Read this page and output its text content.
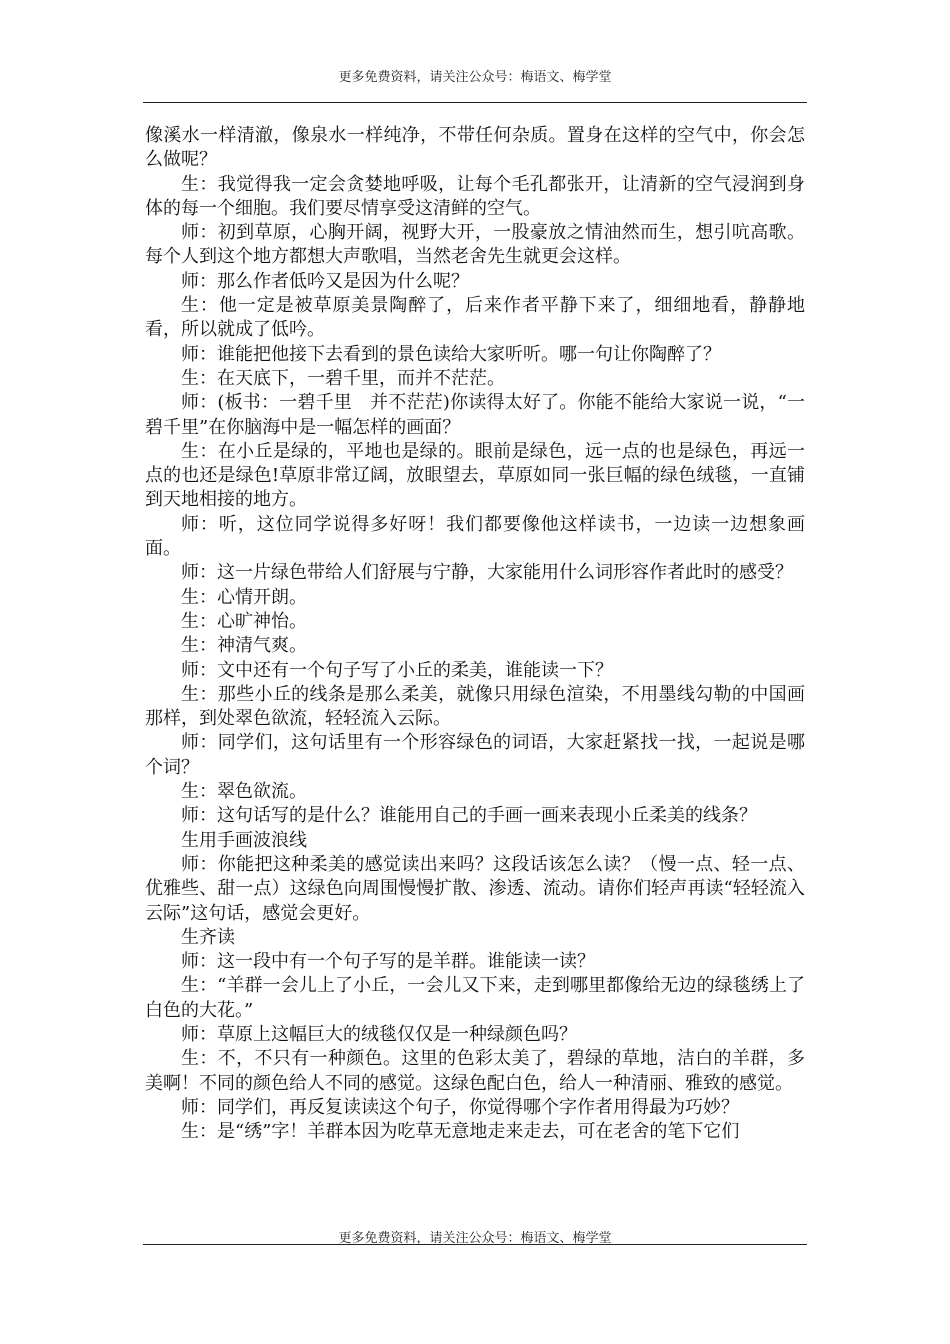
更多免费资料，请关注公众号：梅语文、梅学堂

像溪水一样清澈，像泉水一样纯净，不带任何杂质。置身在这样的空气中，你会怎么做呢？

生：我觉得我一定会贪婪地呼吸，让每个毛孔都张开，让清新的空气浸润到身体的每一个细胞。我们要尽情享受这清鲜的空气。

师：初到草原，心胸开阔，视野大开，一股豪放之情油然而生，想引吭高歌。每个人到这个地方都想大声歌唱，当然老舍先生就更会这样。

师：那么作者低吟又是因为什么呢？

生：他一定是被草原美景陶醉了，后来作者平静下来了，细细地看，静静地看，所以就成了低吟。

师：谁能把他接下去看到的景色读给大家听听。哪一句让你陶醉了？

生：在天底下，一碧千里，而并不茫茫。

师：(板书：一碧千里　并不茫茫)你读得太好了。你能不能给大家说一说，“一碧千里”在你脑海中是一幅怎样的画面？

生：在小丘是绿的，平地也是绿的。眼前是绿色，远一点的也是绿色，再远一点的也还是绿色!草原非常辽阔，放眼望去，草原如同一张巨幅的绿色绒毯，一直铺到天地相接的地方。

师：听，这位同学说得多好呀！我们都要像他这样读书，一边读一边想象画面。

师：这一片绿色带给人们舒展与宁静，大家能用什么词形容作者此时的感受？

生：心情开朗。

生：心旷神怡。

生：神清气爽。

师：文中还有一个句子写了小丘的柔美，谁能读一下？

生：那些小丘的线条是那么柔美，就像只用绿色渲染，不用墨线勾勒的中国画那样，到处翠色欲流，轻轻流入云际。

师：同学们，这句话里有一个形容绿色的词语，大家赶紧找一找，一起说是哪个词？

生：翠色欲流。

师：这句话写的是什么？谁能用自己的手画一画来表现小丘柔美的线条？

生用手画波浪线

师：你能把这种柔美的感觉读出来吗？这段话该怎么读？（慢一点、轻一点、优雅些、甜一点）这绿色向周围慢慢扩散、渗透、流动。请你们轻声再读“轻轻流入云际”这句话，感觉会更好。

生齐读

师：这一段中有一个句子写的是羊群。谁能读一读？

生：“羊群一会儿上了小丘，一会儿又下来，走到哪里都像给无边的绿毯绣上了白色的大花。”

师：草原上这幅巨大的绒毯仅仅是一种绿颜色吗？

生：不，不只有一种颜色。这里的色彩太美了，碧绿的草地，洁白的羊群，多美啊！不同的颜色给人不同的感觉。这绿色配白色，给人一种清丽、雅致的感觉。

师：同学们，再反复读读这个句子，你觉得哪个字作者用得最为巧妙？

生：是“绣”字！羊群本因为吃草无意地走来走去，可在老舍的笔下它们

更多免费资料，请关注公众号：梅语文、梅学堂
